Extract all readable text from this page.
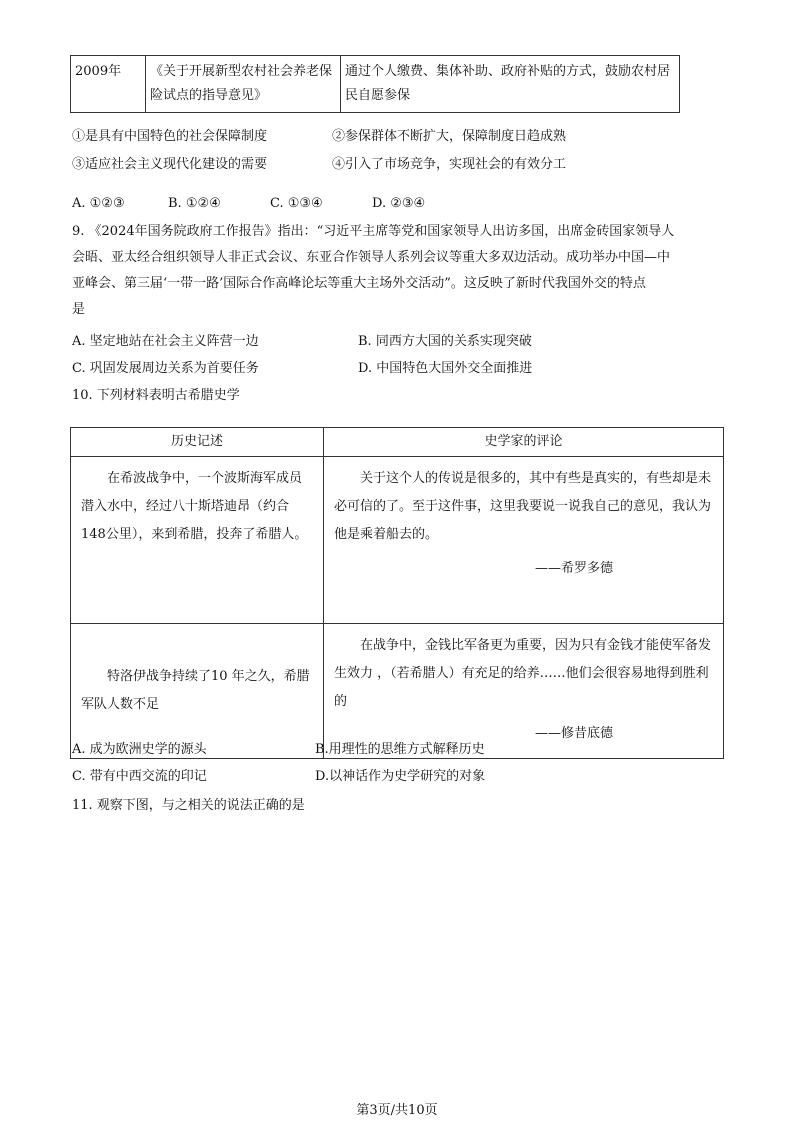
2009年	《关于开展新型农村社会养老保险试点的指导意见》	通过个人缴费、集体补助、政府补贴的方式，鼓励农村居民自愿参保
①是具有中国特色的社会保障制度	②参保群体不断扩大，保障制度日趋成熟
③适应社会主义现代化建设的需要	④引入了市场竞争，实现社会的有效分工
A. ①②③	B. ①②④	C. ①③④	D. ②③④
9. 《2024年国务院政府工作报告》指出：“习近平主席等党和国家领导人出访多国，出席金砖国家领导人
会晤、亚太经合组织领导人非正式会议、东亚合作领导人系列会议等重大多双边活动。成功举办中国—中
亚峰会、第三届‘一带一路’国际合作高峰论坛等重大主场外交活动”。这反映了新时代我国外交的特点
是
A. 坚定地站在社会主义阵营一边	B. 同西方大国的关系实现突破
C. 巩固发展周边关系为首要任务	D. 中国特色大国外交全面推进
10. 下列材料表明古希腊史学
历史记述	史学家的评论

在希波战争中，一个波斯海军成员潜入水中，经过八十斯塔迪昂（约合148公里），来到希腊，投奔了希腊人。	关于这个人的传说是很多的，其中有些是真实的，有些却是未必可信的了。至于这件事，这里我要说一说我自己的意见，我认为他是乘着船去的。
——希罗多德

特洛伊战争持续了10 年之久，希腊军队人数不足	在战争中，金钱比军备更为重要，因为只有金钱才能使军备发生效力 ，（若希腊人）有充足的给养……他们会很容易地得到胜利的
——修昔底德
A. 成为欧洲史学的源头	B.用理性的思维方式解释历史
C. 带有中西交流的印记	D.以神话作为史学研究的对象
11. 观察下图，与之相关的说法正确的是
第3页/共10页
